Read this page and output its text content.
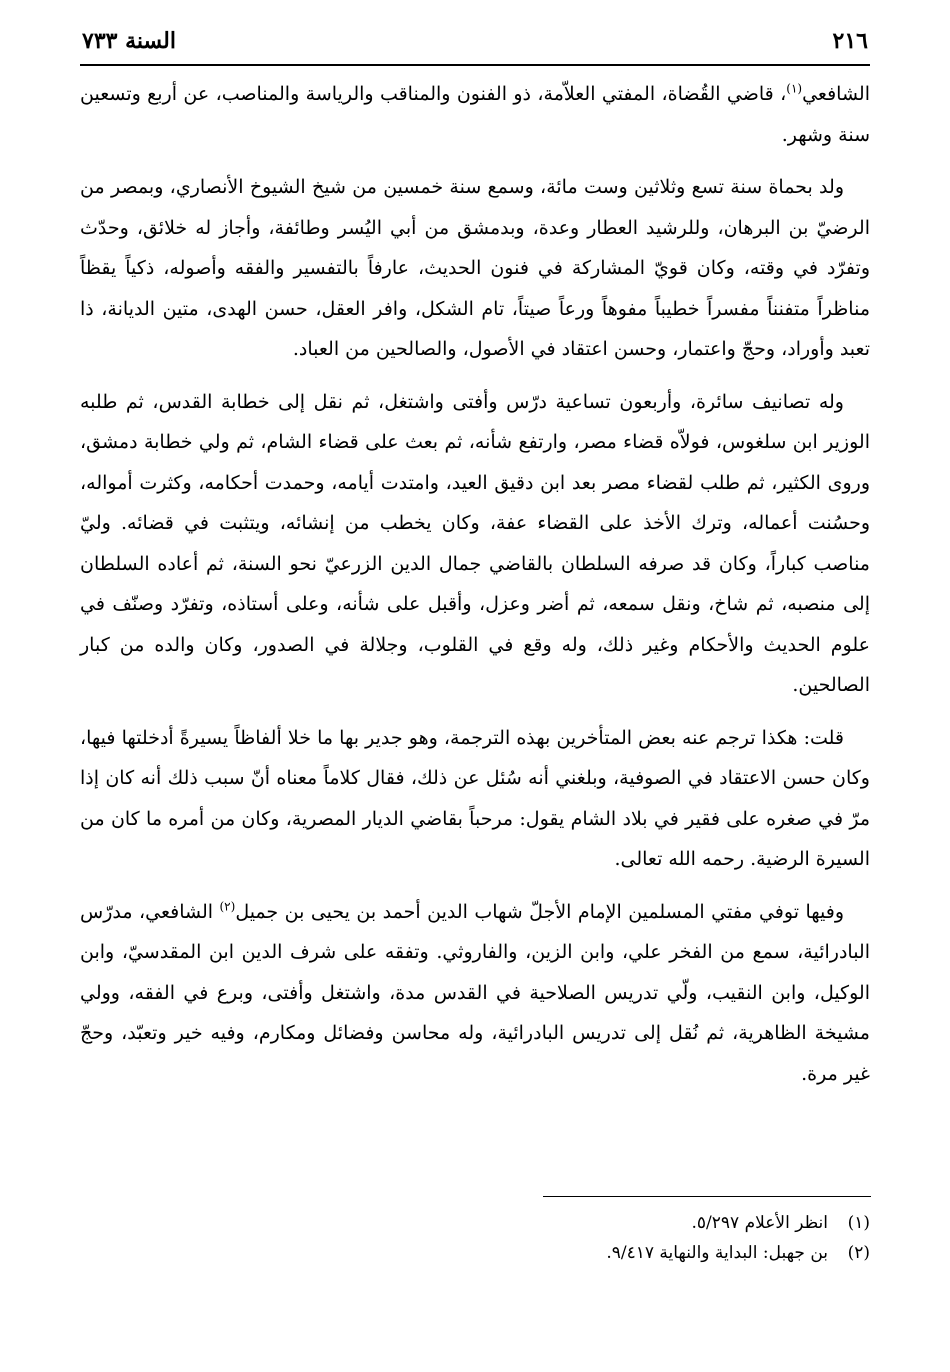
٢١٦
السنة ٧٣٣

الشافعي$^{(١)}$، قاضي القُضاة، المفتي العلاّمة، ذو الفنون والمناقب والرياسة والمناصب، عن أربع وتسعين سنة وشهر.

ولد بحماة سنة تسع وثلاثين وست مائة، وسمع سنة خمسين من شيخ الشيوخ الأنصاري، وبمصر من الرضيّ بن البرهان، وللرشيد العطار وعدة، وبدمشق من أبي اليُسر وطائفة، وأجاز له خلائق، وحدّث وتفرّد في وقته، وكان قويّ المشاركة في فنون الحديث، عارفاً بالتفسير والفقه وأصوله، ذكياً يقظاً مناظراً متفنناً مفسراً خطيباً مفوهاً ورعاً صيتاً، تام الشكل، وافر العقل، حسن الهدى، متين الديانة، ذا تعبد وأوراد، وحجّ واعتمار، وحسن اعتقاد في الأصول، والصالحين من العباد.

وله تصانيف سائرة، وأربعون تساعية درّس وأفتى واشتغل، ثم نقل إلى خطابة القدس، ثم طلبه الوزير ابن سلغوس، فولاّه قضاء مصر، وارتفع شأنه، ثم بعث على قضاء الشام، ثم ولي خطابة دمشق، وروى الكثير، ثم طلب لقضاء مصر بعد ابن دقيق العيد، وامتدت أيامه، وحمدت أحكامه، وكثرت أمواله، وحسُنت أعماله، وترك الأخذ على القضاء عفة، وكان يخطب من إنشائه، ويتثبت في قضائه. وليّ مناصب كباراً، وكان قد صرفه السلطان بالقاضي جمال الدين الزرعيّ نحو السنة، ثم أعاده السلطان إلى منصبه، ثم شاخ، ونقل سمعه، ثم أضر وعزل، وأقبل على شأنه، وعلى أستاذه، وتفرّد وصنّف في علوم الحديث والأحكام وغير ذلك، وله وقع في القلوب، وجلالة في الصدور، وكان والده من كبار الصالحين.

قلت: هكذا ترجم عنه بعض المتأخرين بهذه الترجمة، وهو جدير بها ما خلا ألفاظاً يسيرةً أدخلتها فيها، وكان حسن الاعتقاد في الصوفية، وبلغني أنه سُئل عن ذلك، فقال كلاماً معناه أنّ سبب ذلك أنه كان إذا مرّ في صغره على فقير في بلاد الشام يقول: مرحباً بقاضي الديار المصرية، وكان من أمره ما كان من السيرة الرضية. رحمه الله تعالى.

وفيها توفي مفتي المسلمين الإمام الأجلّ شهاب الدين أحمد بن يحيى بن جميل$^{(٢)}$ الشافعي، مدرّس البادرائية، سمع من الفخر علي، وابن الزين، والفاروثي. وتفقه على شرف الدين ابن المقدسيّ، وابن الوكيل، وابن النقيب، ولّي تدريس الصلاحية في القدس مدة، واشتغل وأفتى، وبرع في الفقه، وولي مشيخة الظاهرية، ثم نُقل إلى تدريس البادرائية، وله محاسن وفضائل ومكارم، وفيه خير وتعبّد، وحجّ غير مرة.

(١)انظر الأعلام ٥/٢٩٧.
(٢)بن جهبل: البداية والنهاية ٩/٤١٧.
